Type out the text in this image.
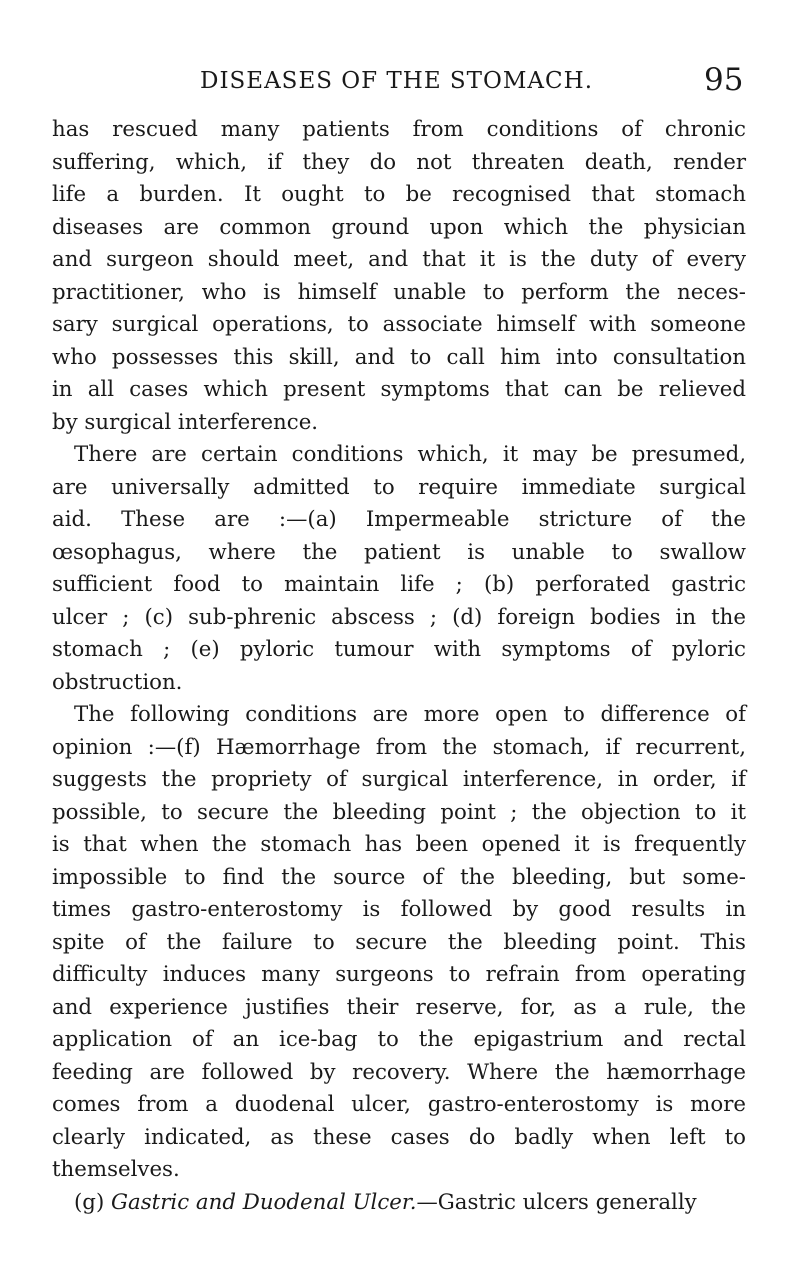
DISEASES OF THE STOMACH.	95

has rescued many patients from conditions of chronic
suffering, which, if they do not threaten death, render
life a burden. It ought to be recognised that stomach
diseases are common ground upon which the physician
and surgeon should meet, and that it is the duty of every
practitioner, who is himself unable to perform the neces-
sary surgical operations, to associate himself with someone
who possesses this skill, and to call him into consultation
in all cases which present symptoms that can be relieved
by surgical interference.

There are certain conditions which, it may be presumed,
are universally admitted to require immediate surgical
aid. These are :—(a) Impermeable stricture of the
œsophagus, where the patient is unable to swallow
sufficient food to maintain life ; (b) perforated gastric
ulcer ; (c) sub-phrenic abscess ; (d) foreign bodies in the
stomach ; (e) pyloric tumour with symptoms of pyloric
obstruction.

The following conditions are more open to difference of
opinion :—(f) Hæmorrhage from the stomach, if recurrent,
suggests the propriety of surgical interference, in order, if
possible, to secure the bleeding point ; the objection to it
is that when the stomach has been opened it is frequently
impossible to find the source of the bleeding, but some-
times gastro-enterostomy is followed by good results in
spite of the failure to secure the bleeding point. This
difficulty induces many surgeons to refrain from operating
and experience justifies their reserve, for, as a rule, the
application of an ice-bag to the epigastrium and rectal
feeding are followed by recovery. Where the hæmorrhage
comes from a duodenal ulcer, gastro-enterostomy is more
clearly indicated, as these cases do badly when left to
themselves.

(g) Gastric and Duodenal Ulcer.—Gastric ulcers generally
